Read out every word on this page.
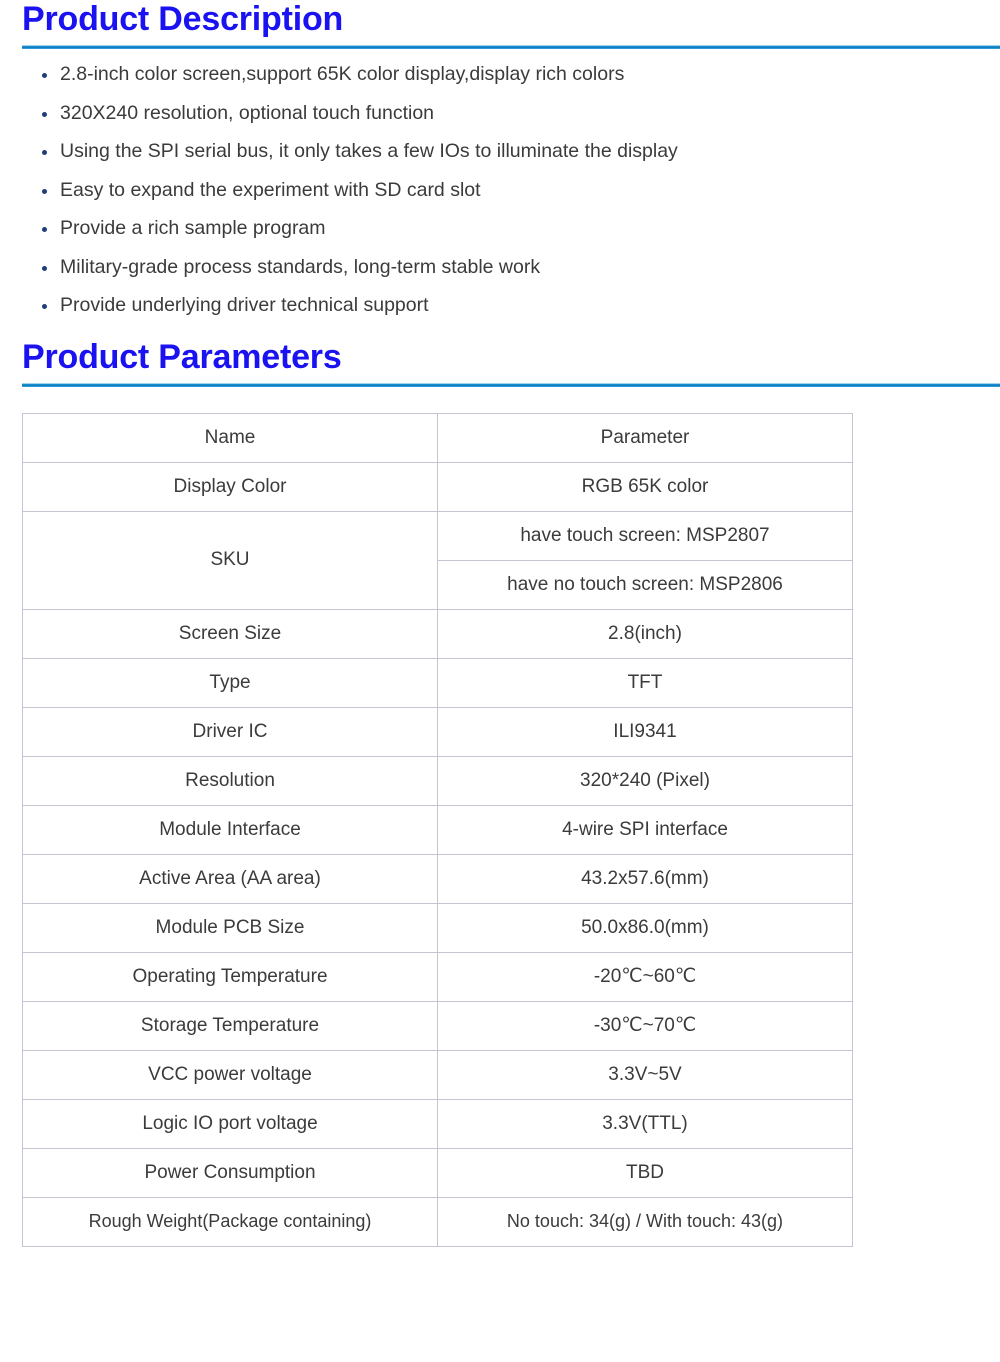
Product Description
2.8-inch color screen,support 65K color display,display rich colors
320X240 resolution, optional touch function
Using the SPI serial bus, it only takes a few IOs to illuminate the display
Easy to expand the experiment with SD card slot
Provide a rich sample program
Military-grade process standards, long-term stable work
Provide underlying driver technical support
Product Parameters
Name	Parameter
Display Color	RGB 65K color
SKU	have touch screen: MSP2807
	have no touch screen: MSP2806
Screen Size	2.8(inch)
Type	TFT
Driver IC	ILI9341
Resolution	320*240 (Pixel)
Module Interface	4-wire SPI interface
Active Area (AA area)	43.2x57.6(mm)
Module PCB Size	50.0x86.0(mm)
Operating Temperature	-20℃~60℃
Storage Temperature	-30℃~70℃
VCC power voltage	3.3V~5V
Logic IO port voltage	3.3V(TTL)
Power Consumption	TBD
Rough Weight(Package containing)	No touch: 34(g) / With touch: 43(g)
